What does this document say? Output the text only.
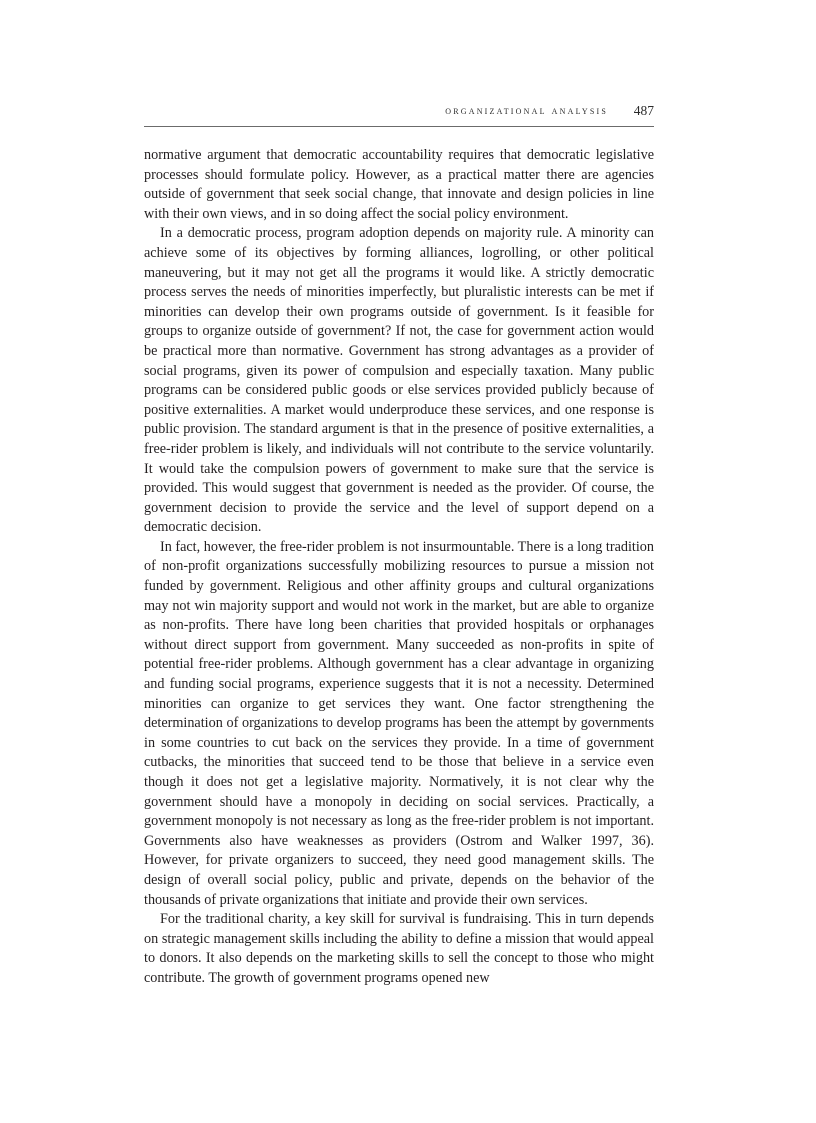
organizational analysis 487

normative argument that democratic accountability requires that democratic legislative processes should formulate policy. However, as a practical matter there are agencies outside of government that seek social change, that innovate and design policies in line with their own views, and in so doing affect the social policy environment.

In a democratic process, program adoption depends on majority rule. A minority can achieve some of its objectives by forming alliances, logrolling, or other political maneuvering, but it may not get all the programs it would like. A strictly democratic process serves the needs of minorities imperfectly, but pluralistic interests can be met if minorities can develop their own programs outside of government. Is it feasible for groups to organize outside of government? If not, the case for government action would be practical more than normative. Government has strong advantages as a provider of social programs, given its power of compulsion and especially taxation. Many public programs can be considered public goods or else services provided publicly because of positive externalities. A market would underproduce these services, and one response is public provision. The standard argument is that in the presence of positive externalities, a free-rider problem is likely, and individuals will not contribute to the service voluntarily. It would take the compulsion powers of government to make sure that the service is provided. This would suggest that government is needed as the provider. Of course, the government decision to provide the service and the level of support depend on a democratic decision.

In fact, however, the free-rider problem is not insurmountable. There is a long tradition of non-profit organizations successfully mobilizing resources to pursue a mission not funded by government. Religious and other affinity groups and cultural organizations may not win majority support and would not work in the market, but are able to organize as non-profits. There have long been charities that provided hospitals or orphanages without direct support from government. Many succeeded as non-profits in spite of potential free-rider problems. Although government has a clear advantage in organizing and funding social programs, experience suggests that it is not a necessity. Determined minorities can organize to get services they want. One factor strengthening the determination of organizations to develop programs has been the attempt by governments in some countries to cut back on the services they provide. In a time of government cutbacks, the minorities that succeed tend to be those that believe in a service even though it does not get a legislative majority. Normatively, it is not clear why the government should have a monopoly in deciding on social services. Practically, a government monopoly is not necessary as long as the free-rider problem is not important. Governments also have weaknesses as providers (Ostrom and Walker 1997, 36). However, for private organizers to succeed, they need good management skills. The design of overall social policy, public and private, depends on the behavior of the thousands of private organizations that initiate and provide their own services.

For the traditional charity, a key skill for survival is fundraising. This in turn depends on strategic management skills including the ability to define a mission that would appeal to donors. It also depends on the marketing skills to sell the concept to those who might contribute. The growth of government programs opened new
